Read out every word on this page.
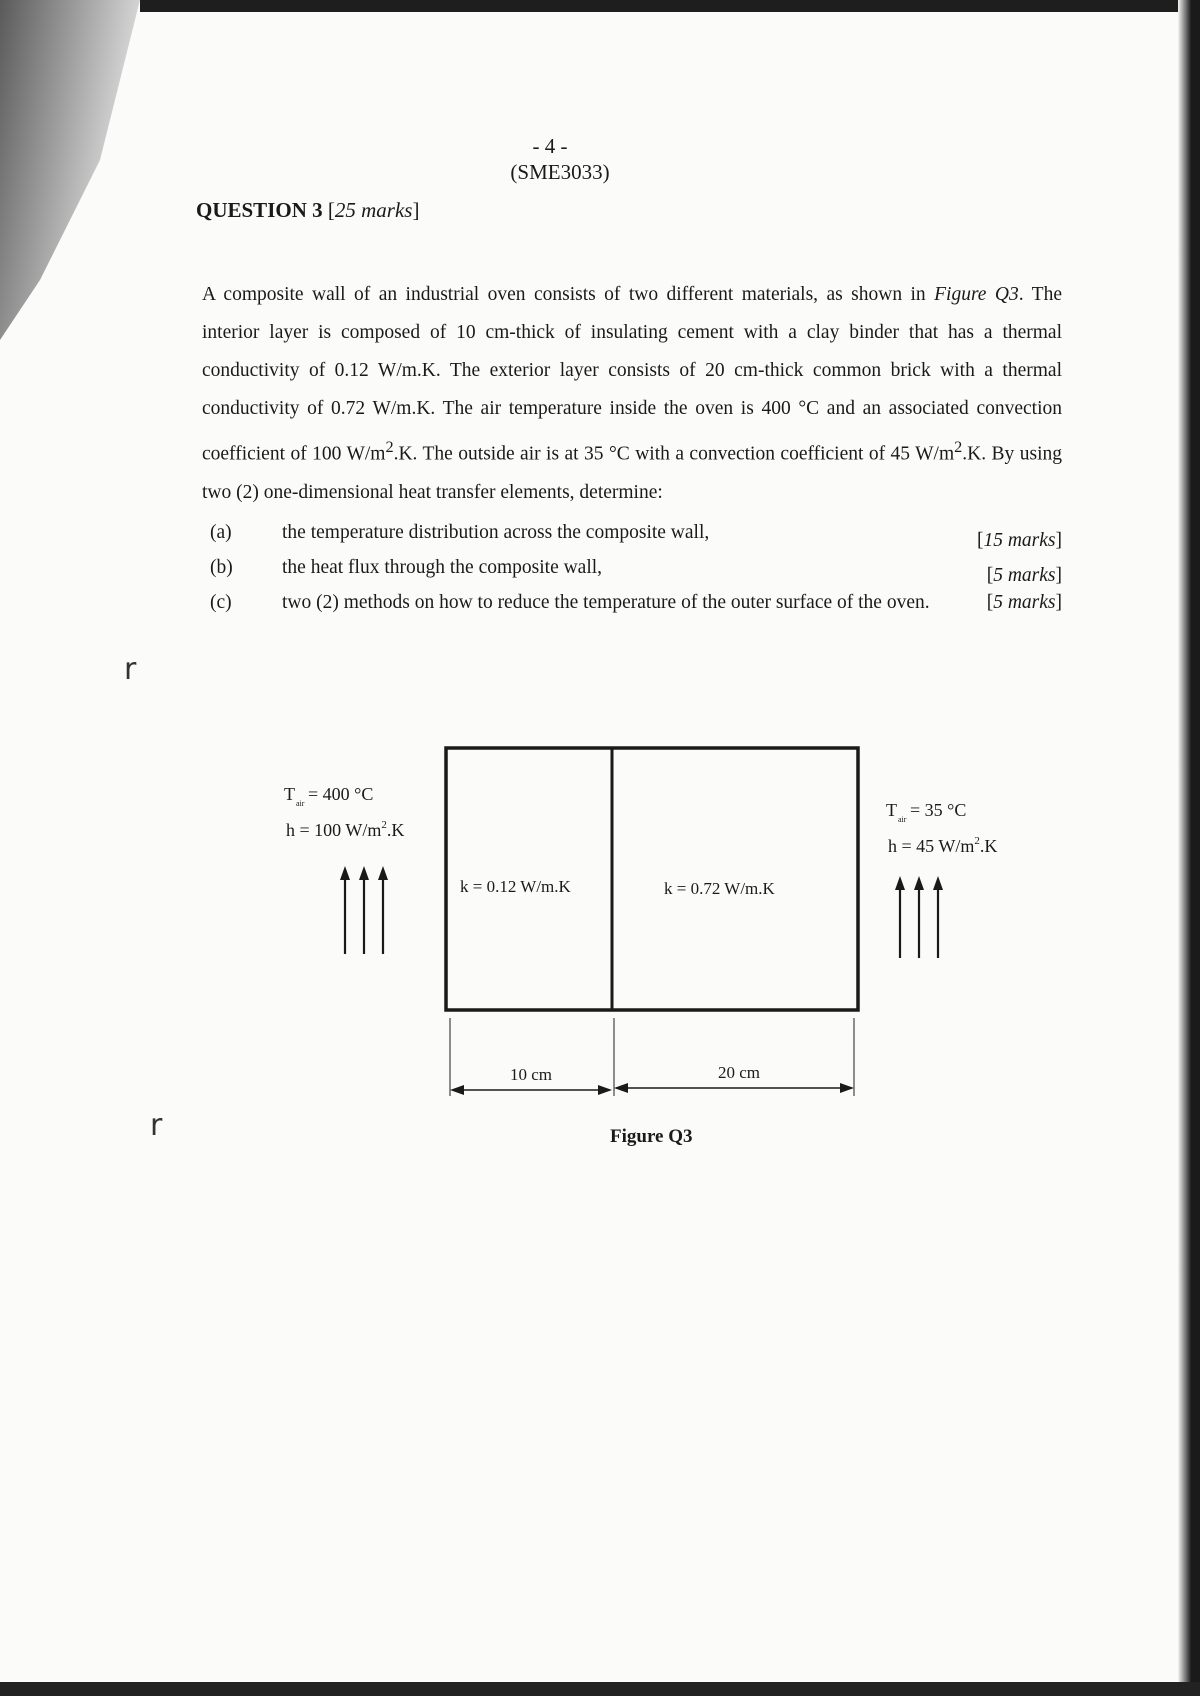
- 4 -
(SME3033)
QUESTION 3 [25 marks]
A composite wall of an industrial oven consists of two different materials, as shown in Figure Q3. The interior layer is composed of 10 cm-thick of insulating cement with a clay binder that has a thermal conductivity of 0.12 W/m.K. The exterior layer consists of 20 cm-thick common brick with a thermal conductivity of 0.72 W/m.K. The air temperature inside the oven is 400 °C and an associated convection coefficient of 100 $W/m^2.K$. The outside air is at 35 °C with a convection coefficient of 45 $W/m^2.K$. By using two (2) one-dimensional heat transfer elements, determine:
(a)	the temperature distribution across the composite wall,	[15 marks]
(b)	the heat flux through the composite wall,	[5 marks]
(c)	two (2) methods on how to reduce the temperature of the outer surface of the oven.	[5 marks]
r
r
k = 0.12 W/m.K	k = 0.72 W/m.K
10 cm	20 cm
T air = 400 °C
h = 100 $W/m^2.K$
T air = 35 °C
h = 45 $W/m^2.K$
Figure Q3
